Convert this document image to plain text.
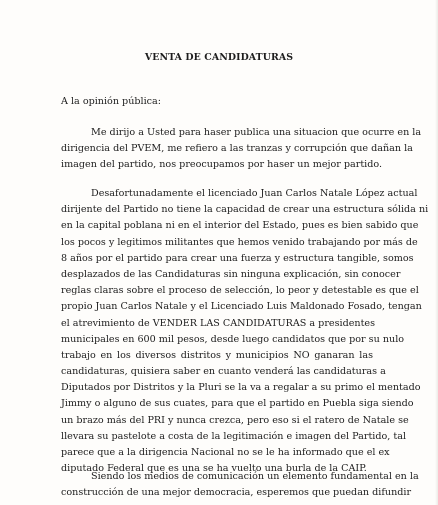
VENTA DE CANDIDATURAS
A la opinión pública:
Me dirijo a Usted para haser publica una situacion que ocurre en la
dirigencia del PVEM, me refiero a las tranzas y corrupción que dañan la
imagen del partido, nos preocupamos por haser un mejor partido.
Desafortunadamente el licenciado Juan Carlos Natale López actual
dirijente del Partido no tiene la capacidad de crear una estructura sólida ni
en la capital poblana ni en el interior del Estado, pues es bien sabido que
los pocos y legitimos militantes que hemos venido trabajando por más de
8 años por el partido para crear una fuerza y estructura tangible, somos
desplazados de las Candidaturas sin ninguna explicación, sin conocer
reglas claras sobre el proceso de selección, lo peor y detestable es que el
propio Juan Carlos Natale y el Licenciado Luis Maldonado Fosado, tengan
el atrevimiento de VENDER LAS CANDIDATURAS a presidentes
municipales en 600 mil pesos, desde luego candidatos que por su nulo
trabajo en los diversos distritos y municipios NO ganaran las
candidaturas, quisiera saber en cuanto venderá las candidaturas a
Diputados por Distritos y la Pluri se la va a regalar a su primo el mentado
Jimmy o alguno de sus cuates, para que el partido en Puebla siga siendo
un brazo más del PRI y nunca crezca, pero eso si el ratero de Natale se
llevara su pastelote a costa de la legitimación e imagen del Partido, tal
parece que a la dirigencia Nacional no se le ha informado que el ex
diputado Federal que es una se ha vuelto una burla de la CAIP.
Siendo los medios de comunicación un elemento fundamental en la
construcción de una mejor democracia, esperemos que puedan difundir
